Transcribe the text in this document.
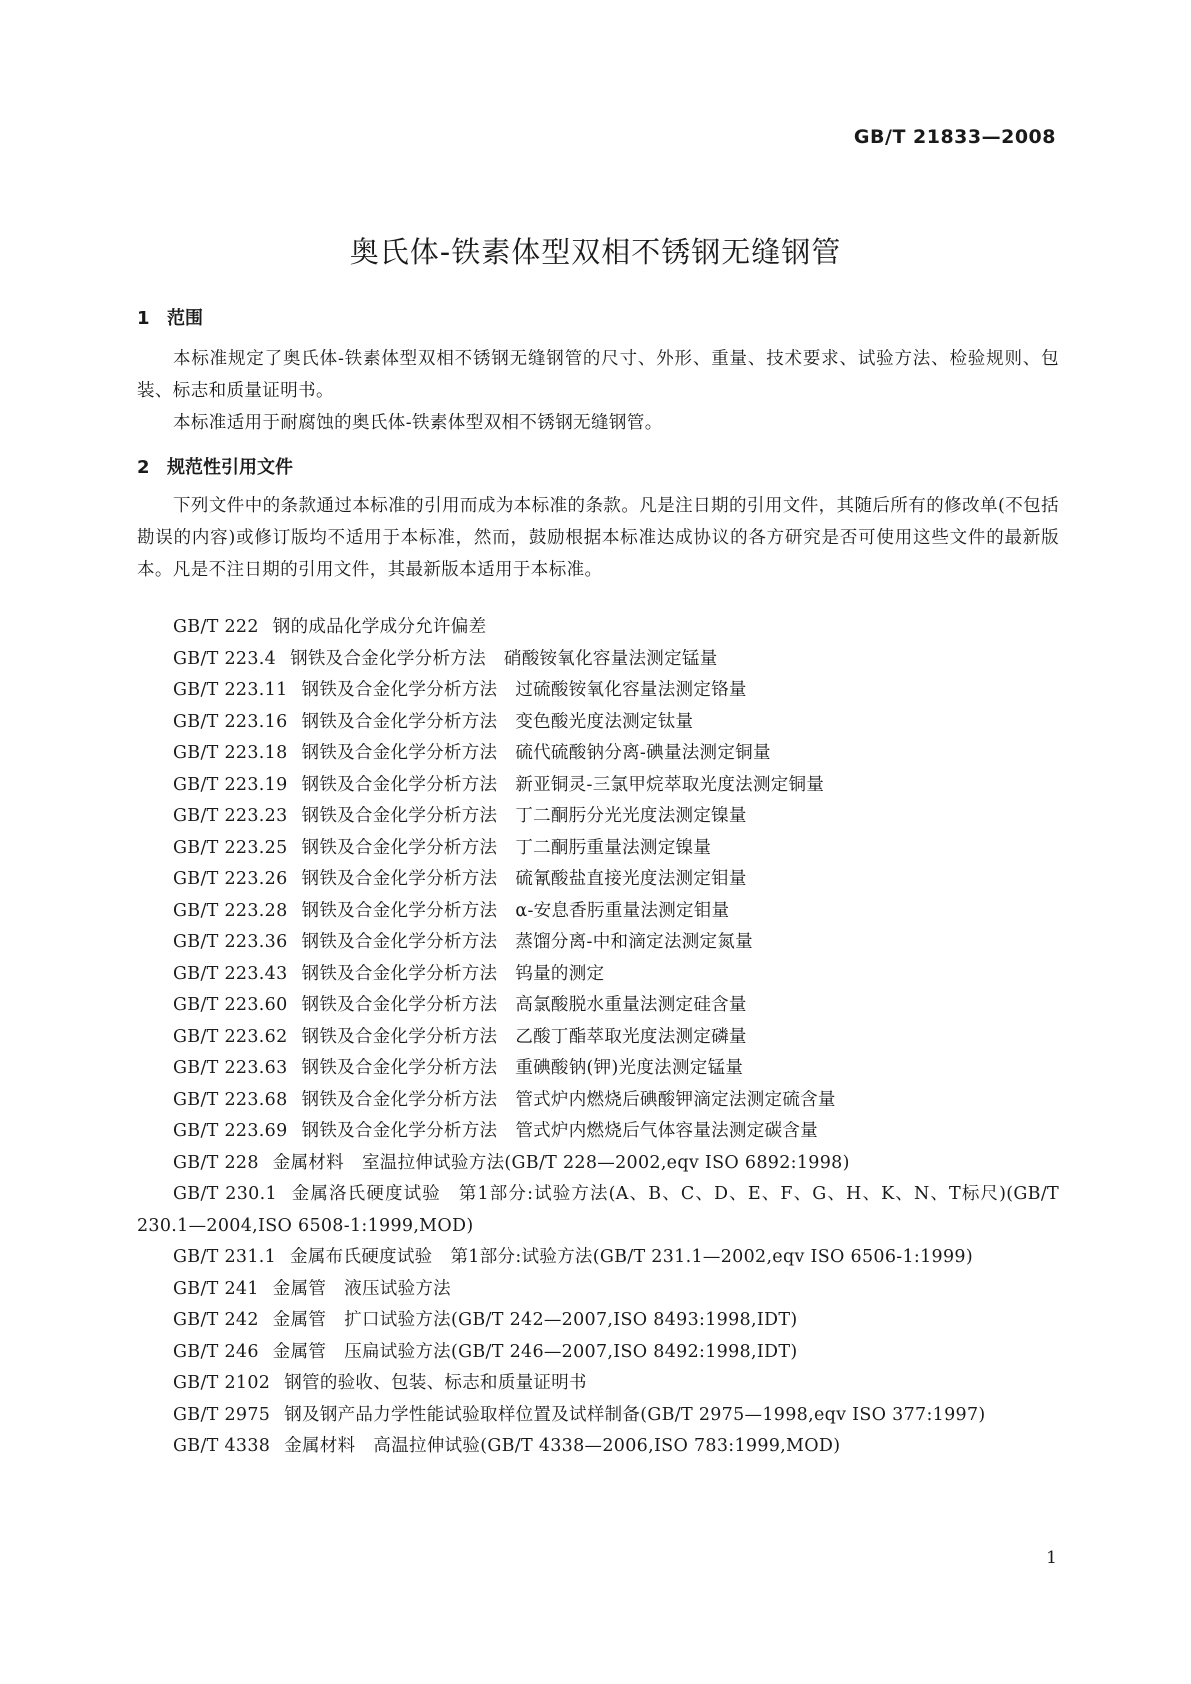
GB/T 21833—2008
奥氏体-铁素体型双相不锈钢无缝钢管
1 范围
本标准规定了奥氏体-铁素体型双相不锈钢无缝钢管的尺寸、外形、重量、技术要求、试验方法、检验规则、包装、标志和质量证明书。
本标准适用于耐腐蚀的奥氏体-铁素体型双相不锈钢无缝钢管。
2 规范性引用文件
下列文件中的条款通过本标准的引用而成为本标准的条款。凡是注日期的引用文件，其随后所有的修改单(不包括勘误的内容)或修订版均不适用于本标准，然而，鼓励根据本标准达成协议的各方研究是否可使用这些文件的最新版本。凡是不注日期的引用文件，其最新版本适用于本标准。
GB/T 222 钢的成品化学成分允许偏差
GB/T 223.4 钢铁及合金化学分析方法 硝酸铵氧化容量法测定锰量
GB/T 223.11 钢铁及合金化学分析方法 过硫酸铵氧化容量法测定铬量
GB/T 223.16 钢铁及合金化学分析方法 变色酸光度法测定钛量
GB/T 223.18 钢铁及合金化学分析方法 硫代硫酸钠分离-碘量法测定铜量
GB/T 223.19 钢铁及合金化学分析方法 新亚铜灵-三氯甲烷萃取光度法测定铜量
GB/T 223.23 钢铁及合金化学分析方法 丁二酮肟分光光度法测定镍量
GB/T 223.25 钢铁及合金化学分析方法 丁二酮肟重量法测定镍量
GB/T 223.26 钢铁及合金化学分析方法 硫氰酸盐直接光度法测定钼量
GB/T 223.28 钢铁及合金化学分析方法 α-安息香肟重量法测定钼量
GB/T 223.36 钢铁及合金化学分析方法 蒸馏分离-中和滴定法测定氮量
GB/T 223.43 钢铁及合金化学分析方法 钨量的测定
GB/T 223.60 钢铁及合金化学分析方法 高氯酸脱水重量法测定硅含量
GB/T 223.62 钢铁及合金化学分析方法 乙酸丁酯萃取光度法测定磷量
GB/T 223.63 钢铁及合金化学分析方法 重碘酸钠(钾)光度法测定锰量
GB/T 223.68 钢铁及合金化学分析方法 管式炉内燃烧后碘酸钾滴定法测定硫含量
GB/T 223.69 钢铁及合金化学分析方法 管式炉内燃烧后气体容量法测定碳含量
GB/T 228 金属材料 室温拉伸试验方法(GB/T 228—2002,eqv ISO 6892:1998)
GB/T 230.1 金属洛氏硬度试验 第1部分:试验方法(A、B、C、D、E、F、G、H、K、N、T标尺)(GB/T 230.1—2004,ISO 6508-1:1999,MOD)
GB/T 231.1 金属布氏硬度试验 第1部分:试验方法(GB/T 231.1—2002,eqv ISO 6506-1:1999)
GB/T 241 金属管 液压试验方法
GB/T 242 金属管 扩口试验方法(GB/T 242—2007,ISO 8493:1998,IDT)
GB/T 246 金属管 压扁试验方法(GB/T 246—2007,ISO 8492:1998,IDT)
GB/T 2102 钢管的验收、包装、标志和质量证明书
GB/T 2975 钢及钢产品力学性能试验取样位置及试样制备(GB/T 2975—1998,eqv ISO 377:1997)
GB/T 4338 金属材料 高温拉伸试验(GB/T 4338—2006,ISO 783:1999,MOD)
1
